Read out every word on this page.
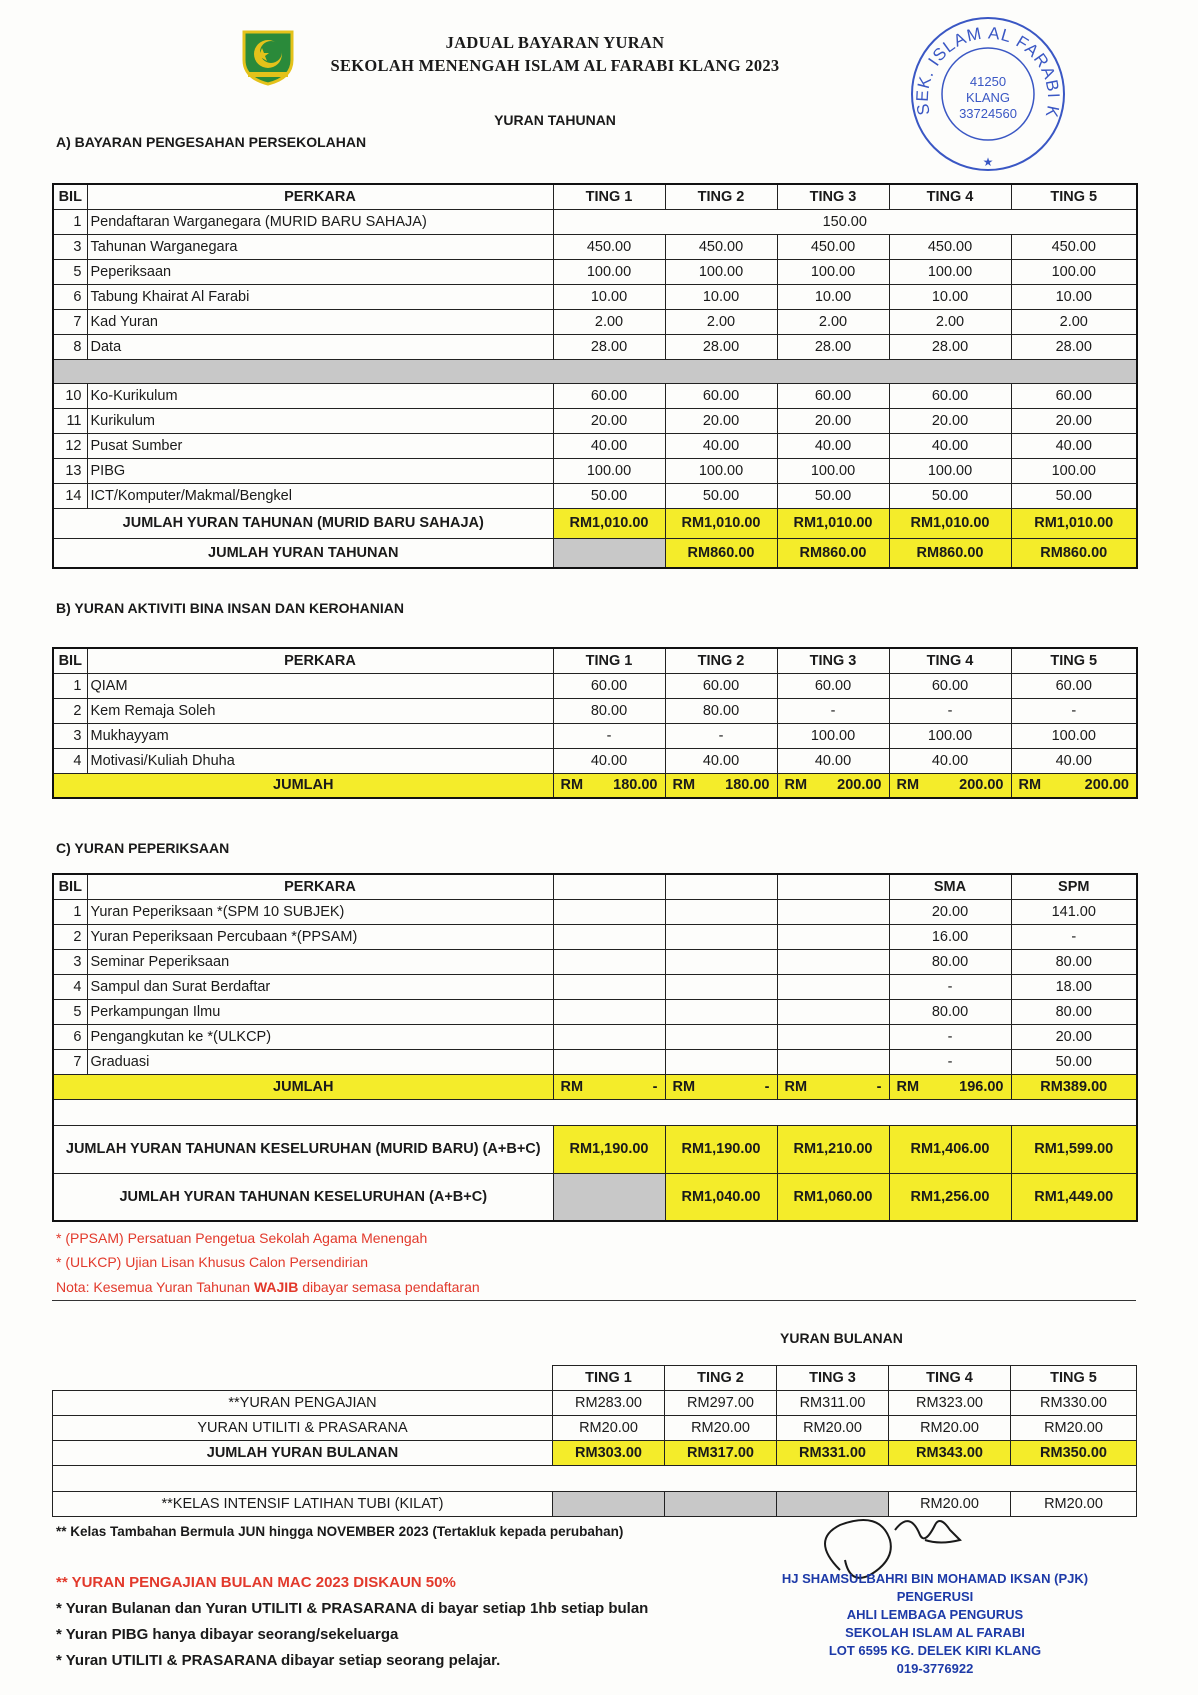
JADUAL BAYARAN YURAN
SEKOLAH MENENGAH ISLAM AL FARABI KLANG 2023
YURAN TAHUNAN
SEK. ISLAM AL FARABI K
41250
KLANG
33724560
★
A) BAYARAN PENGESAHAN PERSEKOLAHAN
BIL	PERKARA	TING 1	TING 2	TING 3	TING 4	TING 5
1	Pendaftaran Warganegara (MURID BARU SAHAJA)	150.00				
3	Tahunan Warganegara	450.00	450.00	450.00	450.00	450.00
5	Peperiksaan	100.00	100.00	100.00	100.00	100.00
6	Tabung Khairat Al Farabi	10.00	10.00	10.00	10.00	10.00
7	Kad Yuran	2.00	2.00	2.00	2.00	2.00
8	Data	28.00	28.00	28.00	28.00	28.00

10	Ko-Kurikulum	60.00	60.00	60.00	60.00	60.00
11	Kurikulum	20.00	20.00	20.00	20.00	20.00
12	Pusat Sumber	40.00	40.00	40.00	40.00	40.00
13	PIBG	100.00	100.00	100.00	100.00	100.00
14	ICT/Komputer/Makmal/Bengkel	50.00	50.00	50.00	50.00	50.00
JUMLAH YURAN TAHUNAN (MURID BARU SAHAJA)		RM1,010.00	RM1,010.00	RM1,010.00	RM1,010.00	RM1,010.00
JUMLAH YURAN TAHUNAN			RM860.00	RM860.00	RM860.00	RM860.00
B) YURAN AKTIVITI BINA INSAN DAN KEROHANIAN
BIL	PERKARA	TING 1	TING 2	TING 3	TING 4	TING 5
1	QIAM	60.00	60.00	60.00	60.00	60.00
2	Kem Remaja Soleh	80.00	80.00	-	-	-
3	Mukhayyam	-	-	100.00	100.00	100.00
4	Motivasi/Kuliah Dhuha	40.00	40.00	40.00	40.00	40.00
JUMLAH		RM 180.00	RM 180.00	RM 200.00	RM 200.00	RM 200.00
C) YURAN PEPERIKSAAN
BIL	PERKARA				SMA	SPM
1	Yuran Peperiksaan *(SPM 10 SUBJEK)				20.00	141.00
2	Yuran Peperiksaan Percubaan *(PPSAM)				16.00	-
3	Seminar Peperiksaan				80.00	80.00
4	Sampul dan Surat Berdaftar				-	18.00
5	Perkampungan Ilmu				80.00	80.00
6	Pengangkutan ke *(ULKCP)				-	20.00
7	Graduasi				-	50.00
JUMLAH		RM -	RM -	RM -	RM 196.00	RM389.00

JUMLAH YURAN TAHUNAN KESELURUHAN (MURID BARU) (A+B+C)		RM1,190.00	RM1,190.00	RM1,210.00	RM1,406.00	RM1,599.00
JUMLAH YURAN TAHUNAN KESELURUHAN (A+B+C)			RM1,040.00	RM1,060.00	RM1,256.00	RM1,449.00
* (PPSAM) Persatuan Pengetua Sekolah Agama Menengah
* (ULKCP) Ujian Lisan Khusus Calon Persendirian
Nota: Kesemua Yuran Tahunan WAJIB dibayar semasa pendaftaran
YURAN BULANAN
	TING 1	TING 2	TING 3	TING 4	TING 5
**YURAN PENGAJIAN	RM283.00	RM297.00	RM311.00	RM323.00	RM330.00
YURAN UTILITI & PRASARANA	RM20.00	RM20.00	RM20.00	RM20.00	RM20.00
JUMLAH YURAN BULANAN	RM303.00	RM317.00	RM331.00	RM343.00	RM350.00

**KELAS INTENSIF LATIHAN TUBI (KILAT)				RM20.00	RM20.00
** Kelas Tambahan Bermula JUN hingga NOVEMBER 2023 (Tertakluk kepada perubahan)
** YURAN PENGAJIAN BULAN MAC 2023 DISKAUN 50%
* Yuran Bulanan dan Yuran UTILITI & PRASARANA di bayar setiap 1hb setiap bulan
* Yuran PIBG hanya dibayar seorang/sekeluarga
* Yuran UTILITI & PRASARANA dibayar setiap seorang pelajar.
HJ SHAMSULBAHRI BIN MOHAMAD IKSAN (PJK)
PENGERUSI
AHLI LEMBAGA PENGURUS
SEKOLAH ISLAM AL FARABI
LOT 6595 KG. DELEK KIRI KLANG
019-3776922
